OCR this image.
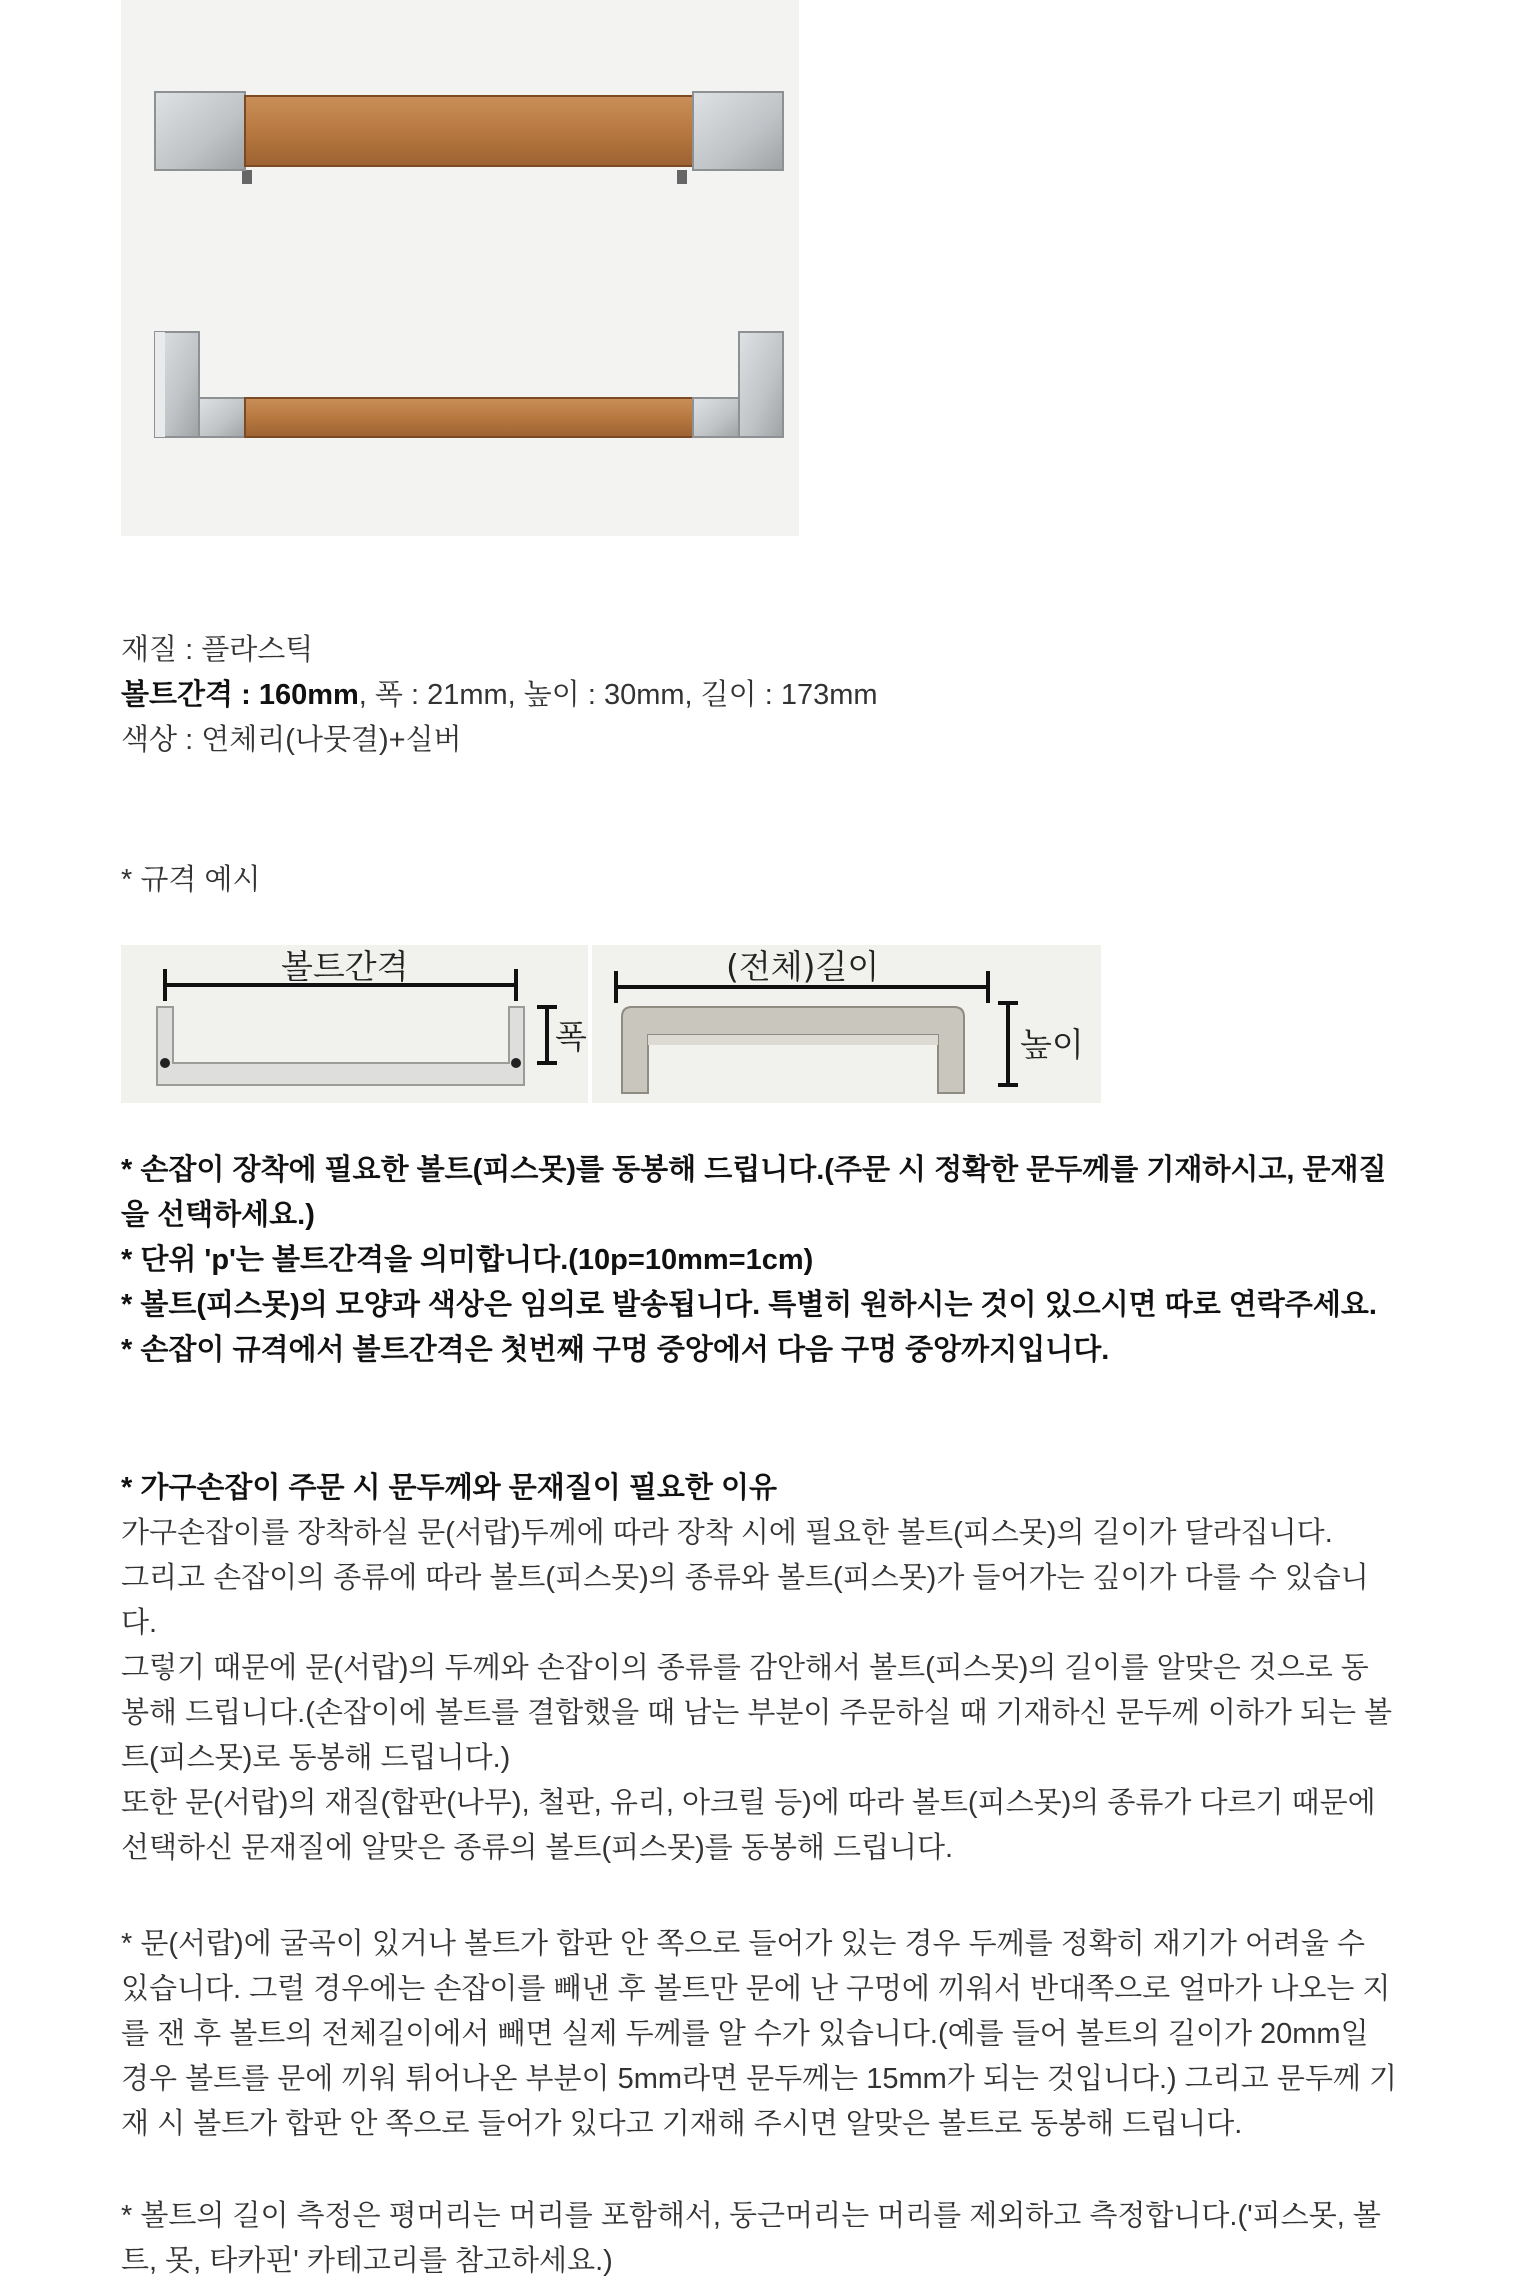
재질 : 플라스틱

볼트간격 : 160mm, 폭 : 21mm, 높이 : 30mm, 길이 : 173mm

색상 : 연체리(나뭇결)+실버

* 규격 예시
볼트간격
폭
(전체)길이
높이

* 손잡이 장착에 필요한 볼트(피스못)를 동봉해 드립니다.(주문 시 정확한 문두께를 기재하시고, 문재질

을 선택하세요.)

* 단위 'p'는 볼트간격을 의미합니다.(10p=10mm=1cm)

* 볼트(피스못)의 모양과 색상은 임의로 발송됩니다. 특별히 원하시는 것이 있으시면 따로 연락주세요.

* 손잡이 규격에서 볼트간격은 첫번째 구멍 중앙에서 다음 구멍 중앙까지입니다.

* 가구손잡이 주문 시 문두께와 문재질이 필요한 이유

가구손잡이를 장착하실 문(서랍)두께에 따라 장착 시에 필요한 볼트(피스못)의 길이가 달라집니다.

그리고 손잡이의 종류에 따라 볼트(피스못)의 종류와 볼트(피스못)가 들어가는 깊이가 다를 수 있습니

다.

그렇기 때문에 문(서랍)의 두께와 손잡이의 종류를 감안해서 볼트(피스못)의 길이를 알맞은 것으로 동

봉해 드립니다.(손잡이에 볼트를 결합했을 때 남는 부분이 주문하실 때 기재하신 문두께 이하가 되는 볼

트(피스못)로 동봉해 드립니다.)

또한 문(서랍)의 재질(합판(나무), 철판, 유리, 아크릴 등)에 따라 볼트(피스못)의 종류가 다르기 때문에

선택하신 문재질에 알맞은 종류의 볼트(피스못)를 동봉해 드립니다.

* 문(서랍)에 굴곡이 있거나 볼트가 합판 안 쪽으로 들어가 있는 경우 두께를 정확히 재기가 어려울 수

있습니다. 그럴 경우에는 손잡이를 빼낸 후 볼트만 문에 난 구멍에 끼워서 반대쪽으로 얼마가 나오는 지

를 잰 후 볼트의 전체길이에서 빼면 실제 두께를 알 수가 있습니다.(예를 들어 볼트의 길이가 20mm일

경우 볼트를 문에 끼워 튀어나온 부분이 5mm라면 문두께는 15mm가 되는 것입니다.) 그리고 문두께 기

재 시 볼트가 합판 안 쪽으로 들어가 있다고 기재해 주시면 알맞은 볼트로 동봉해 드립니다.

* 볼트의 길이 측정은 평머리는 머리를 포함해서, 둥근머리는 머리를 제외하고 측정합니다.('피스못, 볼

트, 못, 타카핀' 카테고리를 참고하세요.)
